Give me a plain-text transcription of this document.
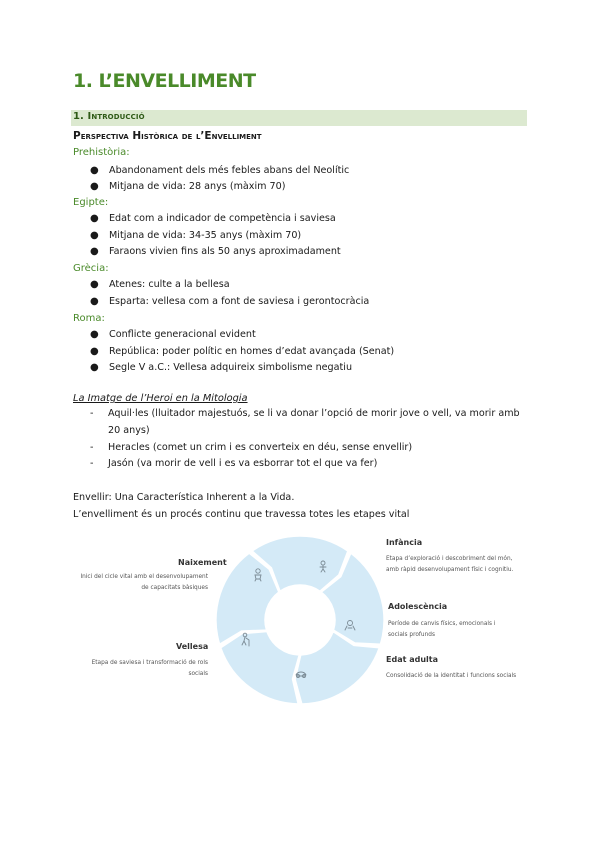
1. L’ENVELLIMENT
1. Introducció
Perspectiva Històrica de l’Envelliment
Prehistòria:
● Abandonament dels més febles abans del Neolític
● Mitjana de vida: 28 anys (màxim 70)
Egipte:
● Edat com a indicador de competència i saviesa
● Mitjana de vida: 34-35 anys (màxim 70)
● Faraons vivien fins als 50 anys aproximadament
Grècia:
● Atenes: culte a la bellesa
● Esparta: vellesa com a font de saviesa i gerontocràcia
Roma:
● Conflicte generacional evident
● República: poder polític en homes d’edat avançada (Senat)
● Segle V a.C.: Vellesa adquireix simbolisme negatiu
La Imatge de l’Heroi en la Mitologia
-	Aquil·les (lluitador majestuós, se li va donar l’opció de morir jove o vell, va morir amb 20 anys)
-	Heracles (comet un crim i es converteix en déu, sense envellir)
-	Jasón (va morir de vell i es va esborrar tot el que va fer)
Envellir: Una Característica Inherent a la Vida.
L’envelliment és un procés continu que travessa totes les etapes vital
Infància
Etapa d’exploració i descobriment del món,
amb ràpid desenvolupament físic i cognitiu.
Adolescència
Període de canvis físics, emocionals i
socials profunds
Edat adulta
Consolidació de la identitat i funcions socials
Naixement
Inici del cicle vital amb el desenvolupament
de capacitats bàsiques
Vellesa
Etapa de saviesa i transformació de rols
socials
